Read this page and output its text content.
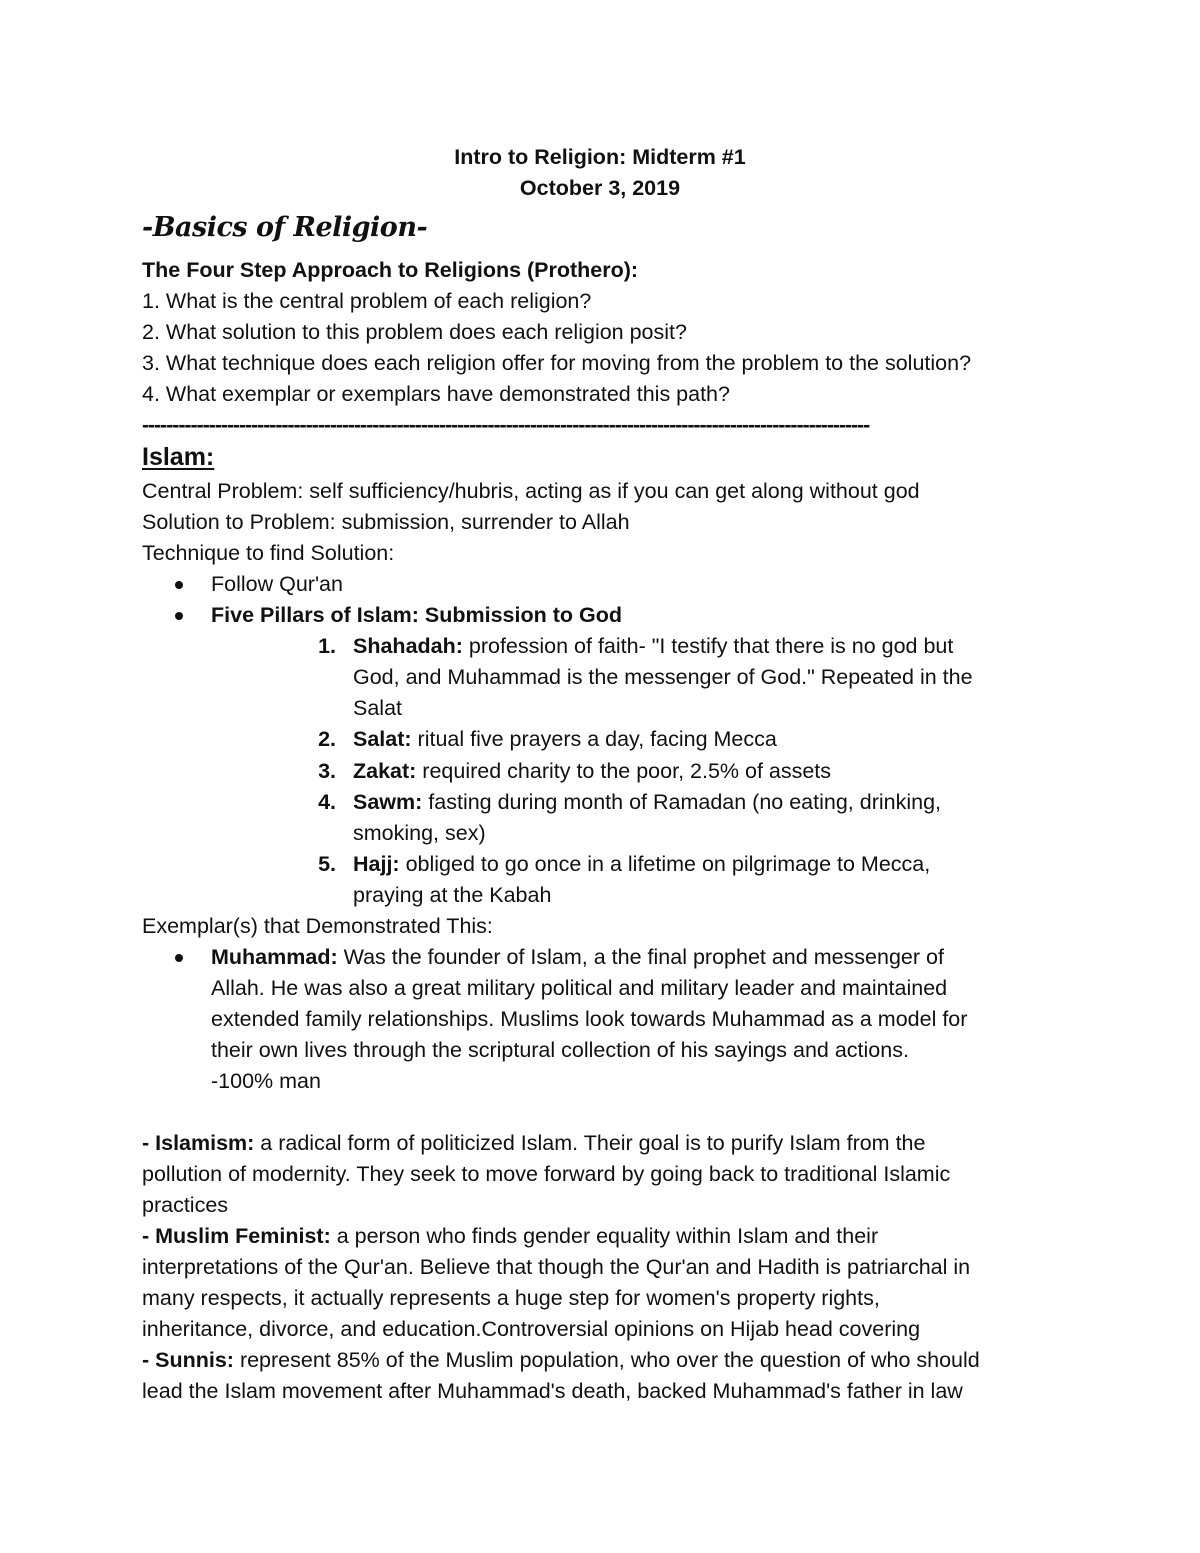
Intro to Religion: Midterm #1
October 3, 2019
-Basics of Religion-
The Four Step Approach to Religions (Prothero):
1. What is the central problem of each religion?
2. What solution to this problem does each religion posit?
3. What technique does each religion offer for moving from the problem to the solution?
4. What exemplar or exemplars have demonstrated this path?
------------------------------------------------------------------------------------------------------------------------
Islam:
Central Problem: self sufficiency/hubris, acting as if you can get along without god
Solution to Problem: submission, surrender to Allah
Technique to find Solution:
Follow Qur'an
Five Pillars of Islam: Submission to God
1. Shahadah: profession of faith- "I testify that there is no god but
God, and Muhammad is the messenger of God." Repeated in the
Salat
2. Salat: ritual five prayers a day, facing Mecca
3. Zakat: required charity to the poor, 2.5% of assets
4. Sawm: fasting during month of Ramadan (no eating, drinking,
smoking, sex)
5. Hajj: obliged to go once in a lifetime on pilgrimage to Mecca,
praying at the Kabah
Exemplar(s) that Demonstrated This:
Muhammad: Was the founder of Islam, a the final prophet and messenger of
Allah. He was also a great military political and military leader and maintained
extended family relationships. Muslims look towards Muhammad as a model for
their own lives through the scriptural collection of his sayings and actions.
-100% man
- Islamism: a radical form of politicized Islam. Their goal is to purify Islam from the
pollution of modernity. They seek to move forward by going back to traditional Islamic
practices
- Muslim Feminist: a person who finds gender equality within Islam and their
interpretations of the Qur'an. Believe that though the Qur'an and Hadith is patriarchal in
many respects, it actually represents a huge step for women's property rights,
inheritance, divorce, and education.Controversial opinions on Hijab head covering
- Sunnis: represent 85% of the Muslim population, who over the question of who should
lead the Islam movement after Muhammad's death, backed Muhammad's father in law
